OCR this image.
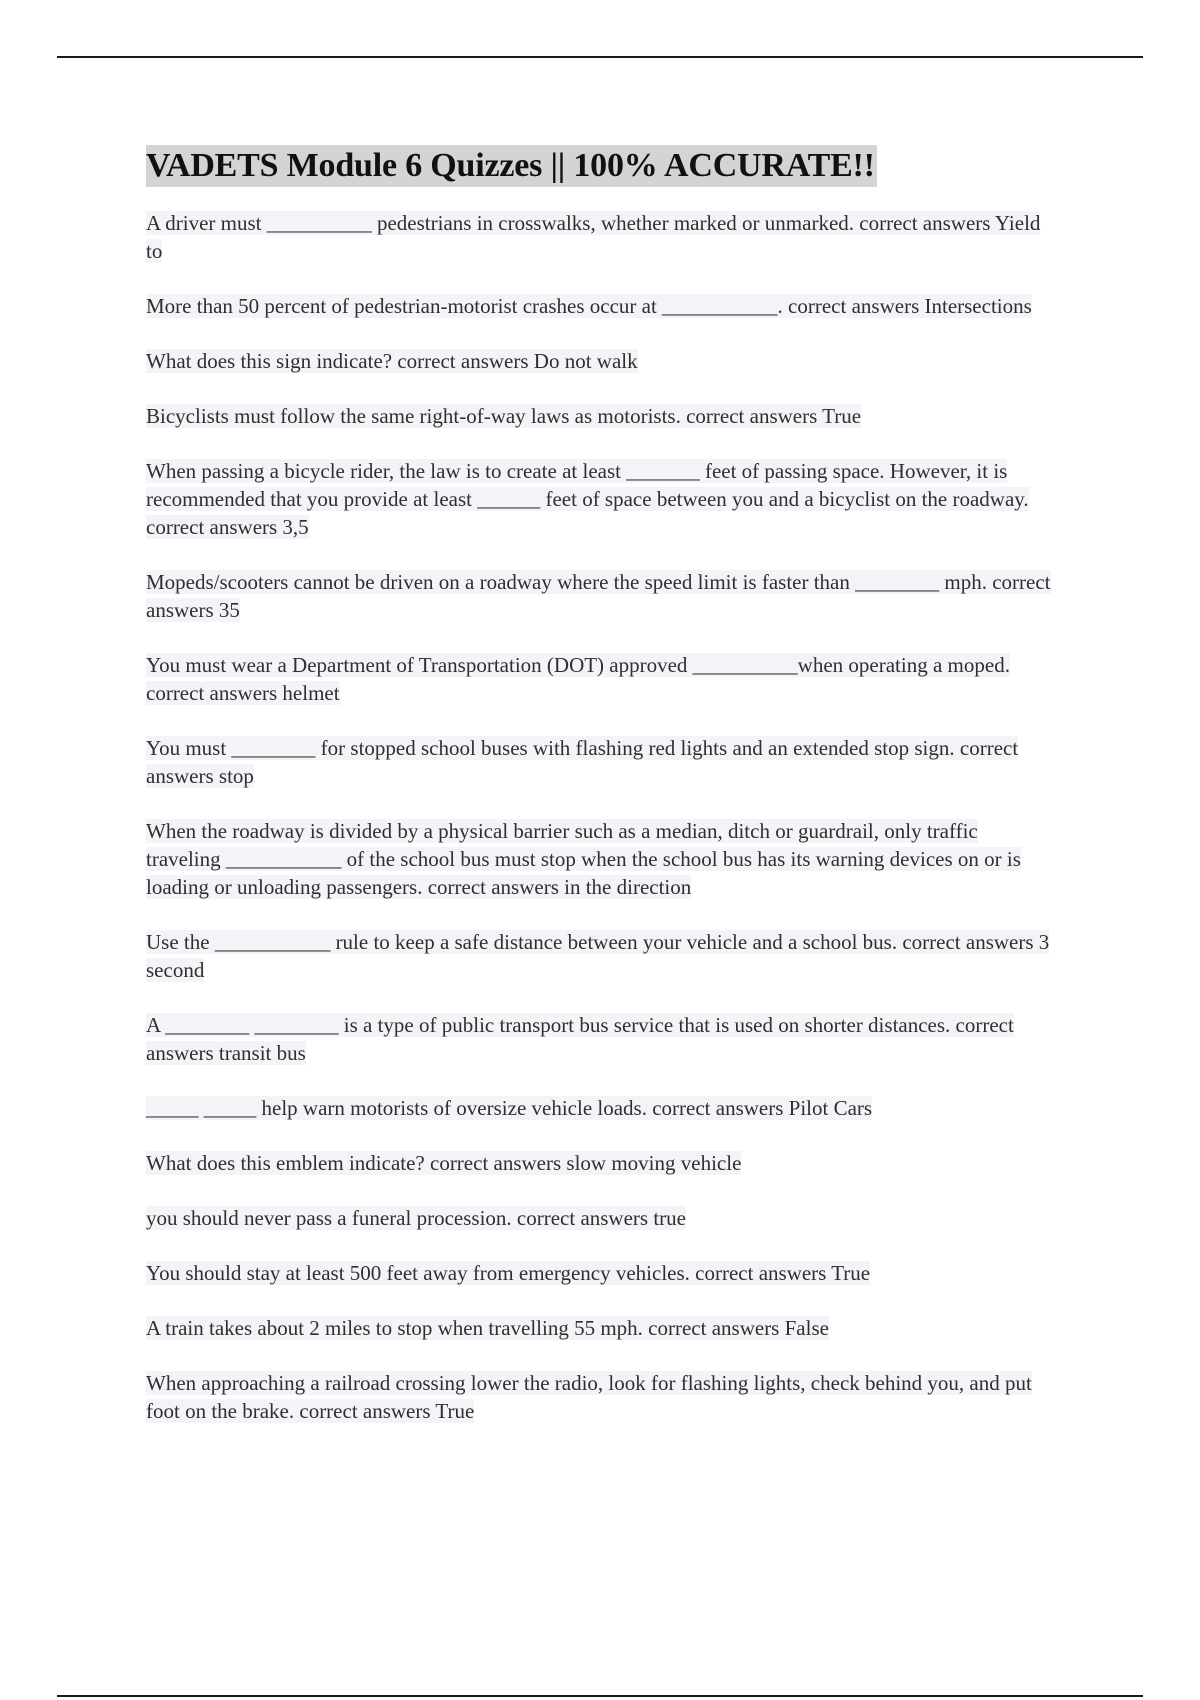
VADETS Module 6 Quizzes || 100% ACCURATE!!

A driver must __________ pedestrians in crosswalks, whether marked or unmarked. correct answers Yield to

More than 50 percent of pedestrian-motorist crashes occur at ___________. correct answers Intersections

What does this sign indicate? correct answers Do not walk

Bicyclists must follow the same right-of-way laws as motorists. correct answers True

When passing a bicycle rider, the law is to create at least _______ feet of passing space. However, it is recommended that you provide at least ______ feet of space between you and a bicyclist on the roadway. correct answers 3,5

Mopeds/scooters cannot be driven on a roadway where the speed limit is faster than ________ mph. correct answers 35

You must wear a Department of Transportation (DOT) approved __________when operating a moped. correct answers helmet

You must ________ for stopped school buses with flashing red lights and an extended stop sign. correct answers stop

When the roadway is divided by a physical barrier such as a median, ditch or guardrail, only traffic traveling ___________ of the school bus must stop when the school bus has its warning devices on or is loading or unloading passengers. correct answers in the direction

Use the ___________ rule to keep a safe distance between your vehicle and a school bus. correct answers 3 second

A ________ ________ is a type of public transport bus service that is used on shorter distances. correct answers transit bus

_____ _____ help warn motorists of oversize vehicle loads. correct answers Pilot Cars

What does this emblem indicate? correct answers slow moving vehicle

you should never pass a funeral procession. correct answers true

You should stay at least 500 feet away from emergency vehicles. correct answers True

A train takes about 2 miles to stop when travelling 55 mph. correct answers False

When approaching a railroad crossing lower the radio, look for flashing lights, check behind you, and put foot on the brake. correct answers True
